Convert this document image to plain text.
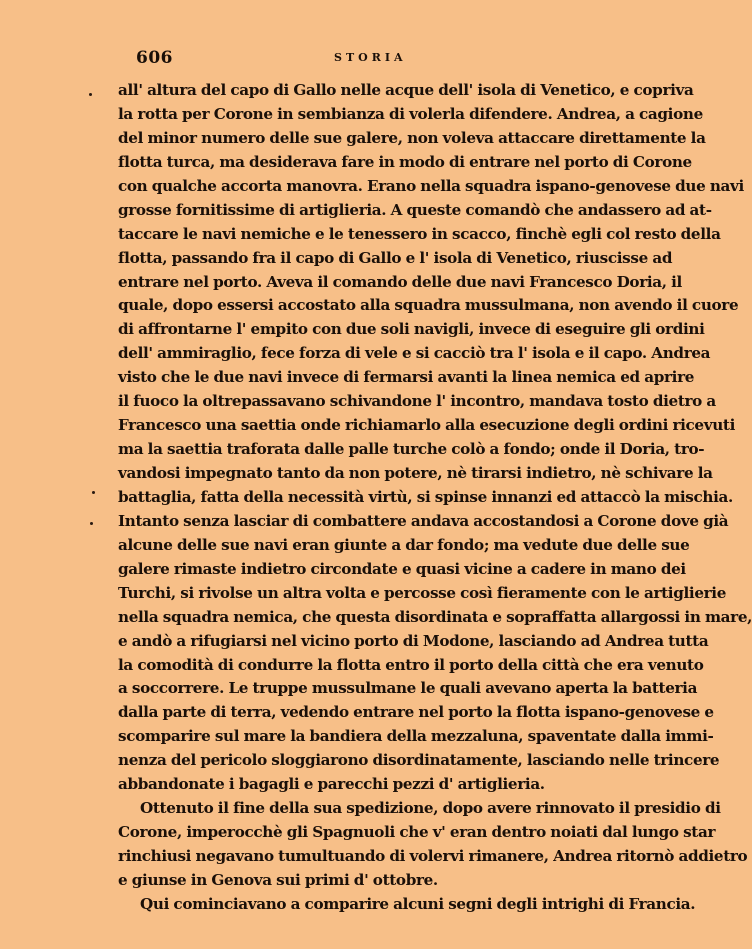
606	STORIA
all' altura del capo di Gallo nelle acque dell' isola di Venetico, e copriva
la rotta per Corone in sembianza di volerla difendere. Andrea, a cagione
del minor numero delle sue galere, non voleva attaccare direttamente la
flotta turca, ma desiderava fare in modo di entrare nel porto di Corone
con qualche accorta manovra. Erano nella squadra ispano-genovese due navi
grosse fornitissime di artiglieria. A queste comandò che andassero ad at-
taccare le navi nemiche e le tenessero in scacco, finchè egli col resto della
flotta, passando fra il capo di Gallo e l' isola di Venetico, riuscisse ad
entrare nel porto. Aveva il comando delle due navi Francesco Doria, il
quale, dopo essersi accostato alla squadra mussulmana, non avendo il cuore
di affrontarne l' empito con due soli navigli, invece di eseguire gli ordini
dell' ammiraglio, fece forza di vele e si cacciò tra l' isola e il capo. Andrea
visto che le due navi invece di fermarsi avanti la linea nemica ed aprire
il fuoco la oltrepassavano schivandone l' incontro, mandava tosto dietro a
Francesco una saettia onde richiamarlo alla esecuzione degli ordini ricevuti
ma la saettia traforata dalle palle turche colò a fondo; onde il Doria, tro-
vandosi impegnato tanto da non potere, nè tirarsi indietro, nè schivare la
battaglia, fatta della necessità virtù, si spinse innanzi ed attaccò la mischia.
Intanto senza lasciar di combattere andava accostandosi a Corone dove già
alcune delle sue navi eran giunte a dar fondo; ma vedute due delle sue
galere rimaste indietro circondate e quasi vicine a cadere in mano dei
Turchi, si rivolse un altra volta e percosse così fieramente con le artiglierie
nella squadra nemica, che questa disordinata e sopraffatta allargossi in mare,
e andò a rifugiarsi nel vicino porto di Modone, lasciando ad Andrea tutta
la comodità di condurre la flotta entro il porto della città che era venuto
a soccorrere. Le truppe mussulmane le quali avevano aperta la batteria
dalla parte di terra, vedendo entrare nel porto la flotta ispano-genovese e
scomparire sul mare la bandiera della mezzaluna, spaventate dalla immi-
nenza del pericolo sloggiarono disordinatamente, lasciando nelle trincere
abbandonate i bagagli e parecchi pezzi d' artiglieria.
Ottenuto il fine della sua spedizione, dopo avere rinnovato il presidio di
Corone, imperocchè gli Spagnuoli che v' eran dentro noiati dal lungo star
rinchiusi negavano tumultuando di volervi rimanere, Andrea ritornò addietro
e giunse in Genova sui primi d' ottobre.
Qui cominciavano a comparire alcuni segni degli intrighi di Francia.
